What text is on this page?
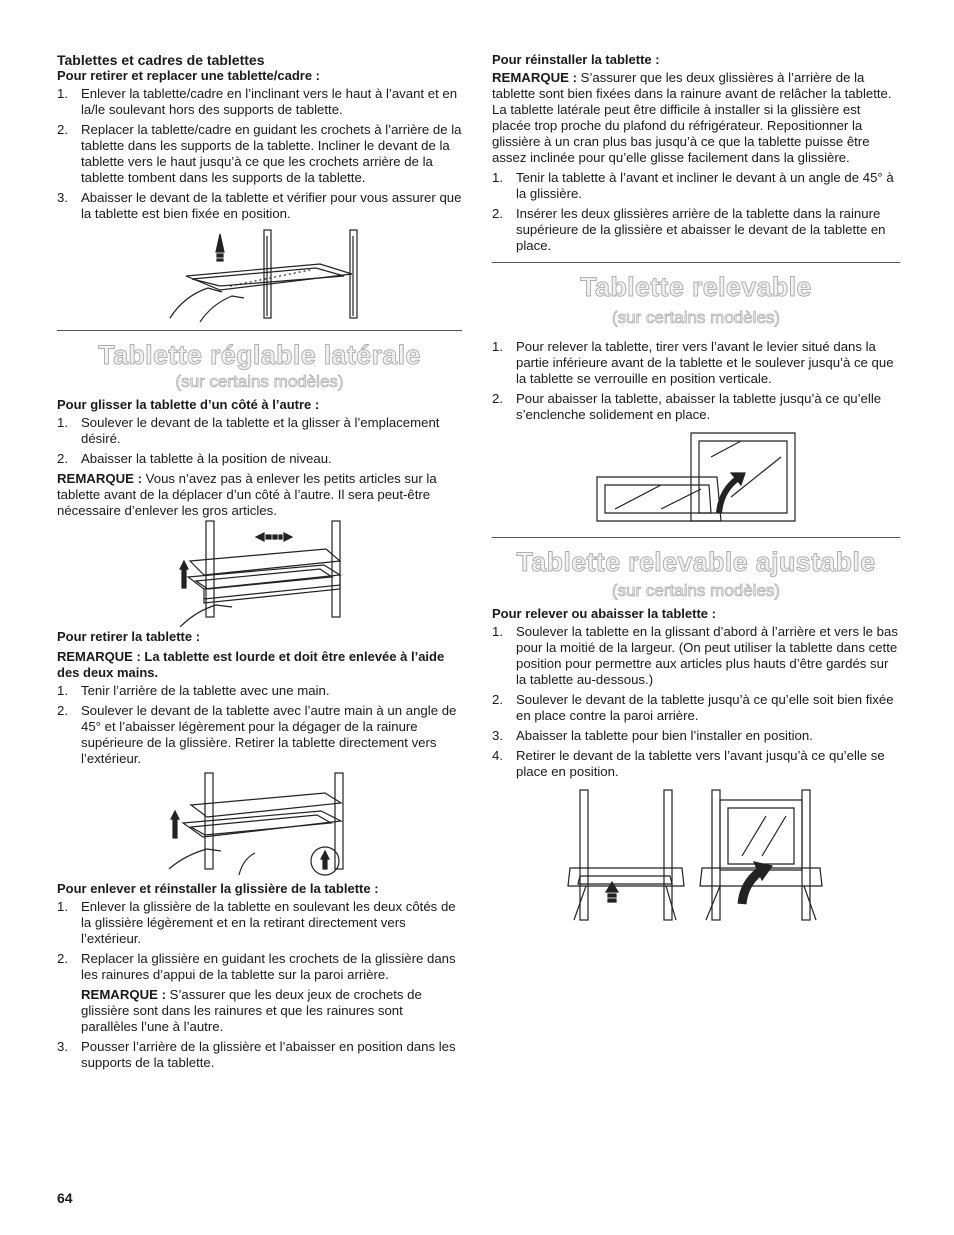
Tablettes et cadres de tablettes

Pour retirer et replacer une tablette/cadre :

1. Enlever la tablette/cadre en l’inclinant vers le haut à l’avant et en la/le soulevant hors des supports de tablette.
2. Replacer la tablette/cadre en guidant les crochets à l’arrière de la tablette dans les supports de la tablette. Incliner le devant de la tablette vers le haut jusqu’à ce que les crochets arrière de la tablette tombent dans les supports de la tablette.
3. Abaisser le devant de la tablette et vérifier pour vous assurer que la tablette est bien fixée en position.
Tablette réglable latérale
(sur certains modèles)

Pour glisser la tablette d’un côté à l’autre :

1. Soulever le devant de la tablette et la glisser à l’emplacement désiré.
2. Abaisser la tablette à la position de niveau.

REMARQUE : Vous n’avez pas à enlever les petits articles sur la tablette avant de la déplacer d’un côté à l’autre. Il sera peut-être nécessaire d’enlever les gros articles.

Pour retirer la tablette :

REMARQUE : La tablette est lourde et doit être enlevée à l’aide des deux mains.

1. Tenir l’arrière de la tablette avec une main.
2. Soulever le devant de la tablette avec l’autre main à un angle de 45° et l’abaisser légèrement pour la dégager de la rainure supérieure de la glissière. Retirer la tablette directement vers l’extérieur.

Pour enlever et réinstaller la glissière de la tablette :

1. Enlever la glissière de la tablette en soulevant les deux côtés de la glissière légèrement et en la retirant directement vers l’extérieur.
2. Replacer la glissière en guidant les crochets de la glissière dans les rainures d’appui de la tablette sur la paroi arrière.

REMARQUE : S’assurer que les deux jeux de crochets de glissière sont dans les rainures et que les rainures sont parallèles l’une à l’autre.

3. Pousser l’arrière de la glissière et l’abaisser en position dans les supports de la tablette.

Pour réinstaller la tablette :

REMARQUE : S’assurer que les deux glissières à l’arrière de la tablette sont bien fixées dans la rainure avant de relâcher la tablette. La tablette latérale peut être difficile à installer si la glissière est placée trop proche du plafond du réfrigérateur. Repositionner la glissière à un cran plus bas jusqu’à ce que la tablette puisse être assez inclinée pour qu’elle glisse facilement dans la glissière.

1. Tenir la tablette à l’avant et incliner le devant à un angle de 45° à la glissière.
2. Insérer les deux glissières arrière de la tablette dans la rainure supérieure de la glissière et abaisser le devant de la tablette en place.
Tablette relevable
(sur certains modèles)
1. Pour relever la tablette, tirer vers l’avant le levier situé dans la partie inférieure avant de la tablette et le soulever jusqu’à ce que la tablette se verrouille en position verticale.
2. Pour abaisser la tablette, abaisser la tablette jusqu’à ce qu’elle s’enclenche solidement en place.
Tablette relevable ajustable
(sur certains modèles)

Pour relever ou abaisser la tablette :

1. Soulever la tablette en la glissant d’abord à l’arrière et vers le bas pour la moitié de la largeur. (On peut utiliser la tablette dans cette position pour permettre aux articles plus hauts d’être gardés sur la tablette au-dessous.)
2. Soulever le devant de la tablette jusqu’à ce qu’elle soit bien fixée en place contre la paroi arrière.
3. Abaisser la tablette pour bien l’installer en position.
4. Retirer le devant de la tablette vers l’avant jusqu’à ce qu’elle se place en position.
64
